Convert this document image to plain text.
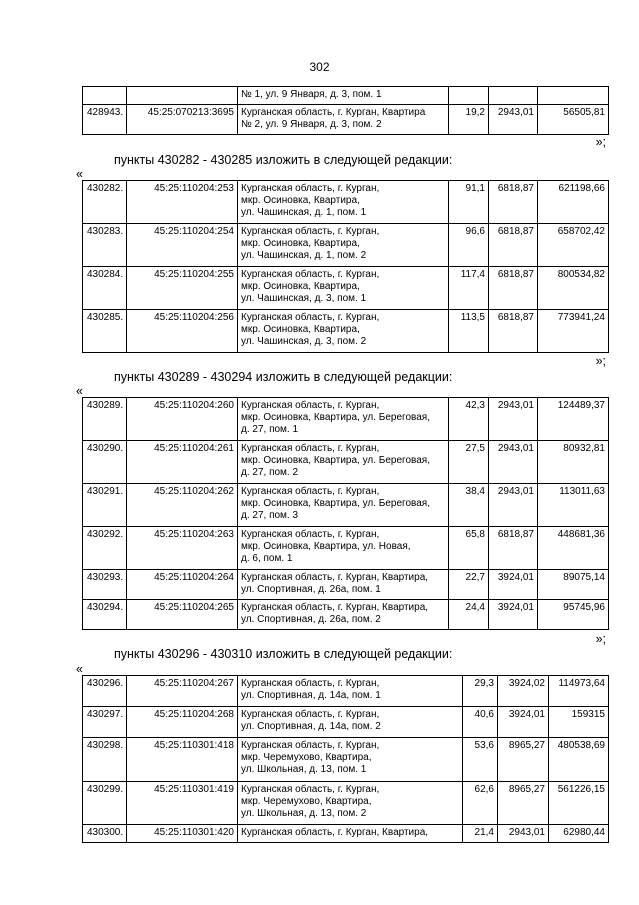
302

		№ 1, ул. 9 Января, д. 3, пом. 1			

428943.	45:25:070213:3695	Курганская область, г. Курган, Квартира
№ 2, ул. 9 Января, д. 3, пом. 2	19,2	2943,01	56505,81
»;
пункты 430282 - 430285 изложить в следующей редакции:
«
430282.	45:25:110204:253	Курганская область, г. Курган,
мкр. Осиновка, Квартира,
ул. Чашинская, д. 1, пом. 1	91,1	6818,87	621198,66
430283.	45:25:110204:254	Курганская область, г. Курган,
мкр. Осиновка, Квартира,
ул. Чашинская, д. 1, пом. 2	96,6	6818,87	658702,42
430284.	45:25:110204:255	Курганская область, г. Курган,
мкр. Осиновка, Квартира,
ул. Чашинская, д. 3, пом. 1	117,4	6818,87	800534,82
430285.	45:25:110204:256	Курганская область, г. Курган,
мкр. Осиновка, Квартира,
ул. Чашинская, д. 3, пом. 2	113,5	6818,87	773941,24
»;
пункты 430289 - 430294 изложить в следующей редакции:
«
430289.	45:25:110204:260	Курганская область, г. Курган,
мкр. Осиновка, Квартира, ул. Береговая,
д. 27, пом. 1	42,3	2943,01	124489,37
430290.	45:25:110204:261	Курганская область, г. Курган,
мкр. Осиновка, Квартира, ул. Береговая,
д. 27, пом. 2	27,5	2943,01	80932,81
430291.	45:25:110204:262	Курганская область, г. Курган,
мкр. Осиновка, Квартира, ул. Береговая,
д. 27, пом. 3	38,4	2943,01	113011,63
430292.	45:25:110204:263	Курганская область, г. Курган,
мкр. Осиновка, Квартира, ул. Новая,
д. 6, пом. 1	65,8	6818,87	448681,36
430293.	45:25:110204:264	Курганская область, г. Курган, Квартира,
ул. Спортивная, д. 26а, пом. 1	22,7	3924,01	89075,14
430294.	45:25:110204:265	Курганская область, г. Курган, Квартира,
ул. Спортивная, д. 26а, пом. 2	24,4	3924,01	95745,96
»;
пункты 430296 - 430310 изложить в следующей редакции:
«
430296.	45:25:110204:267	Курганская область, г. Курган,
ул. Спортивная, д. 14а, пом. 1	29,3	3924,02	114973,64
430297.	45:25:110204:268	Курганская область, г. Курган,
ул. Спортивная, д. 14а, пом. 2	40,6	3924,01	159315
430298.	45:25:110301:418	Курганская область, г. Курган,
мкр. Черемухово, Квартира,
ул. Школьная, д. 13, пом. 1	53,6	8965,27	480538,69
430299.	45:25:110301:419	Курганская область, г. Курган,
мкр. Черемухово, Квартира,
ул. Школьная, д. 13, пом. 2	62,6	8965,27	561226,15
430300.	45:25:110301:420	Курганская область, г. Курган, Квартира,	21,4	2943,01	62980,44
